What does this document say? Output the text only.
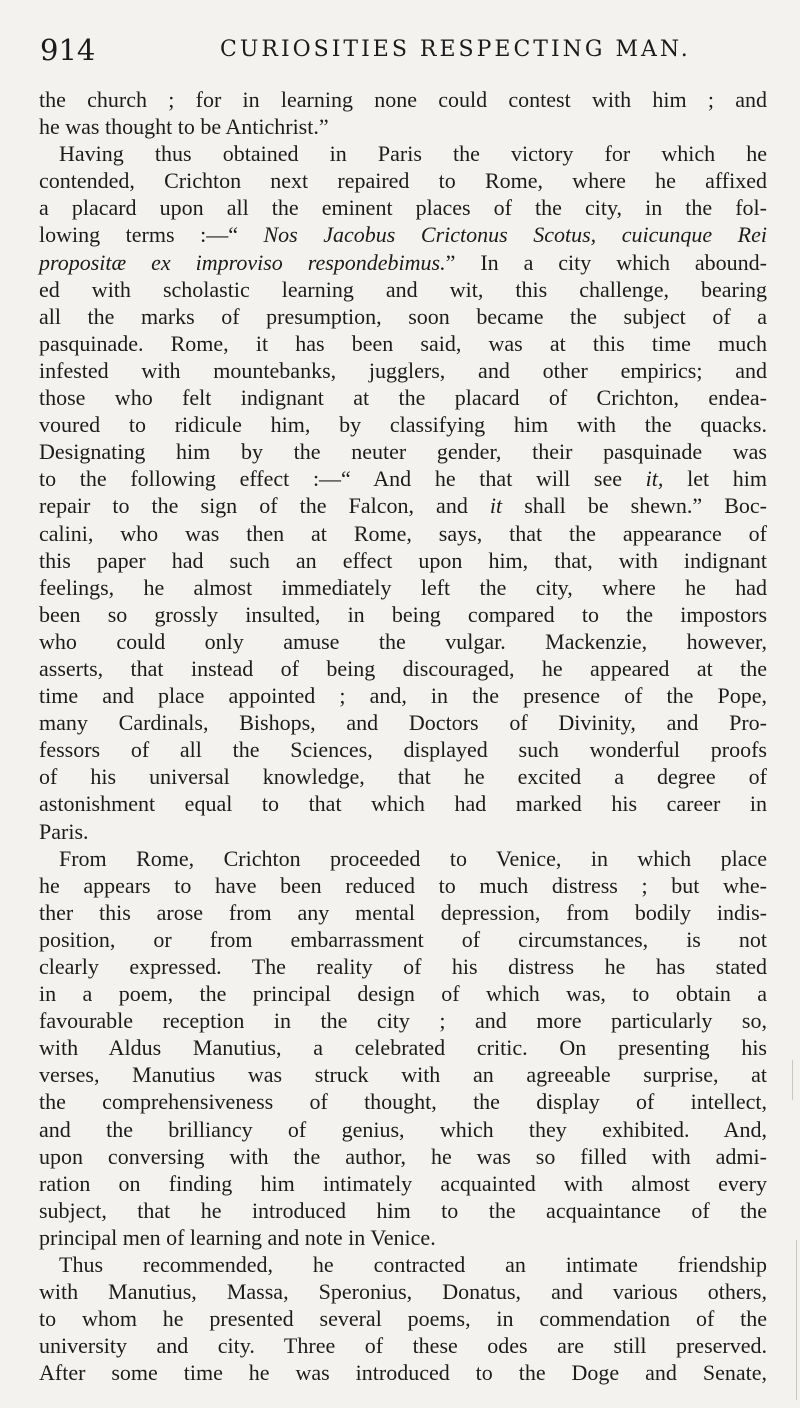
914	CURIOSITIES RESPECTING MAN.
the church ; for in learning none could contest with him ; and
he was thought to be Antichrist.”
Having thus obtained in Paris the victory for which he
contended, Crichton next repaired to Rome, where he affixed
a placard upon all the eminent places of the city, in the fol-
lowing terms :—“ Nos Jacobus Crictonus Scotus, cuicunque Rei
propositæ ex improviso respondebimus.” In a city which abound-
ed with scholastic learning and wit, this challenge, bearing
all the marks of presumption, soon became the subject of a
pasquinade. Rome, it has been said, was at this time much
infested with mountebanks, jugglers, and other empirics; and
those who felt indignant at the placard of Crichton, endea-
voured to ridicule him, by classifying him with the quacks.
Designating him by the neuter gender, their pasquinade was
to the following effect :—“ And he that will see it, let him
repair to the sign of the Falcon, and it shall be shewn.” Boc-
calini, who was then at Rome, says, that the appearance of
this paper had such an effect upon him, that, with indignant
feelings, he almost immediately left the city, where he had
been so grossly insulted, in being compared to the impostors
who could only amuse the vulgar. Mackenzie, however,
asserts, that instead of being discouraged, he appeared at the
time and place appointed ; and, in the presence of the Pope,
many Cardinals, Bishops, and Doctors of Divinity, and Pro-
fessors of all the Sciences, displayed such wonderful proofs
of his universal knowledge, that he excited a degree of
astonishment equal to that which had marked his career in
Paris.
From Rome, Crichton proceeded to Venice, in which place
he appears to have been reduced to much distress ; but whe-
ther this arose from any mental depression, from bodily indis-
position, or from embarrassment of circumstances, is not
clearly expressed. The reality of his distress he has stated
in a poem, the principal design of which was, to obtain a
favourable reception in the city ; and more particularly so,
with Aldus Manutius, a celebrated critic. On presenting his
verses, Manutius was struck with an agreeable surprise, at
the comprehensiveness of thought, the display of intellect,
and the brilliancy of genius, which they exhibited. And,
upon conversing with the author, he was so filled with admi-
ration on finding him intimately acquainted with almost every
subject, that he introduced him to the acquaintance of the
principal men of learning and note in Venice.
Thus recommended, he contracted an intimate friendship
with Manutius, Massa, Speronius, Donatus, and various others,
to whom he presented several poems, in commendation of the
university and city. Three of these odes are still preserved.
After some time he was introduced to the Doge and Senate,
